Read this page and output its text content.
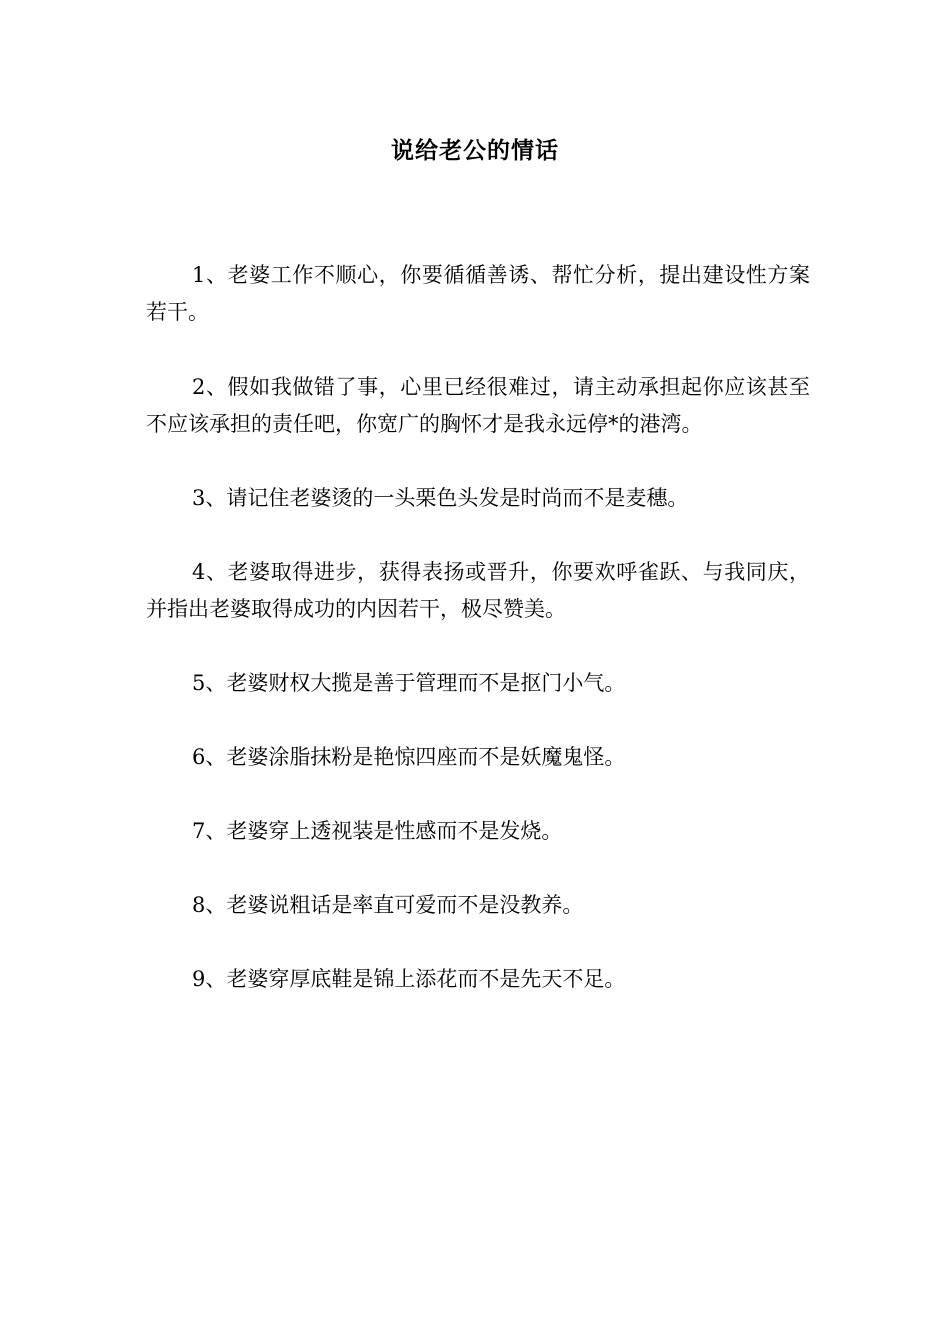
说给老公的情话

1、老婆工作不顺心，你要循循善诱、帮忙分析，提出建设性方案若干。

2、假如我做错了事，心里已经很难过，请主动承担起你应该甚至不应该承担的责任吧，你宽广的胸怀才是我永远停*的港湾。

3、请记住老婆烫的一头栗色头发是时尚而不是麦穗。

4、老婆取得进步，获得表扬或晋升，你要欢呼雀跃、与我同庆，并指出老婆取得成功的内因若干，极尽赞美。

5、老婆财权大揽是善于管理而不是抠门小气。

6、老婆涂脂抹粉是艳惊四座而不是妖魔鬼怪。

7、老婆穿上透视装是性感而不是发烧。

8、老婆说粗话是率直可爱而不是没教养。

9、老婆穿厚底鞋是锦上添花而不是先天不足。
